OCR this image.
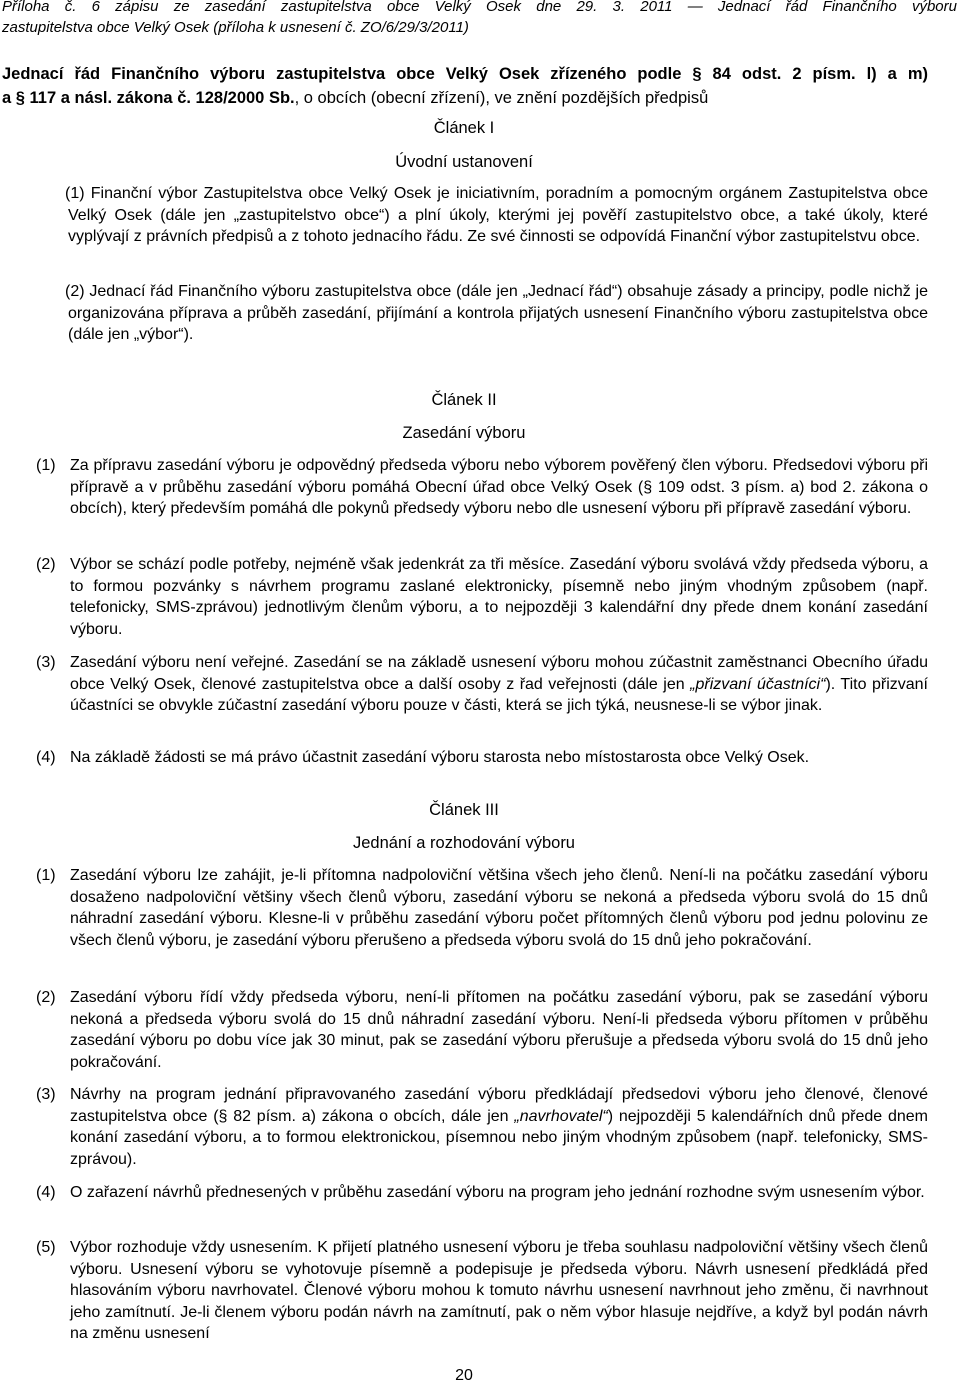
Příloha č. 6 zápisu ze zasedání zastupitelstva obce Velký Osek dne 29. 3. 2011 — Jednací řád Finančního výboru
zastupitelstva obce Velký Osek (příloha k usnesení č. ZO/6/29/3/2011)
Jednací řád Finančního výboru zastupitelstva obce Velký Osek zřízeného podle § 84 odst. 2 písm. l) a m)
a § 117 a násl. zákona č. 128/2000 Sb., o obcích (obecní zřízení), ve znění pozdějších předpisů
Článek I
Úvodní ustanovení
(1) Finanční výbor Zastupitelstva obce Velký Osek je iniciativním, poradním a pomocným orgánem Zastupitelstva obce Velký Osek (dále jen „zastupitelstvo obce“) a plní úkoly, kterými jej pověří zastupitelstvo obce, a také úkoly, které vyplývají z právních předpisů a z tohoto jednacího řádu. Ze své činnosti se odpovídá Finanční výbor zastupitelstvu obce.
(2) Jednací řád Finančního výboru zastupitelstva obce (dále jen „Jednací řád“) obsahuje zásady a principy, podle nichž je organizována příprava a průběh zasedání, přijímání a kontrola přijatých usnesení Finančního výboru zastupitelstva obce (dále jen „výbor“).
Článek II
Zasedání výboru
(1) Za přípravu zasedání výboru je odpovědný předseda výboru nebo výborem pověřený člen výboru. Předsedovi výboru při přípravě a v průběhu zasedání výboru pomáhá Obecní úřad obce Velký Osek (§ 109 odst. 3 písm. a) bod 2. zákona o obcích), který především pomáhá dle pokynů předsedy výboru nebo dle usnesení výboru při přípravě zasedání výboru.
(2) Výbor se schází podle potřeby, nejméně však jedenkrát za tři měsíce. Zasedání výboru svolává vždy předseda výboru, a to formou pozvánky s návrhem programu zaslané elektronicky, písemně nebo jiným vhodným způsobem (např. telefonicky, SMS-zprávou) jednotlivým členům výboru, a to nejpozději 3 kalendářní dny přede dnem konání zasedání výboru.
(3) Zasedání výboru není veřejné. Zasedání se na základě usnesení výboru mohou zúčastnit zaměstnanci Obecního úřadu obce Velký Osek, členové zastupitelstva obce a další osoby z řad veřejnosti (dále jen „přizvaní účastníci“). Tito přizvaní účastníci se obvykle zúčastní zasedání výboru pouze v části, která se jich týká, neusnese-li se výbor jinak.
(4) Na základě žádosti se má právo účastnit zasedání výboru starosta nebo místostarosta obce Velký Osek.
Článek III
Jednání a rozhodování výboru
(1) Zasedání výboru lze zahájit, je-li přítomna nadpoloviční většina všech jeho členů. Není-li na počátku zasedání výboru dosaženo nadpoloviční většiny všech členů výboru, zasedání výboru se nekoná a předseda výboru svolá do 15 dnů náhradní zasedání výboru. Klesne-li v průběhu zasedání výboru počet přítomných členů výboru pod jednu polovinu ze všech členů výboru, je zasedání výboru přerušeno a předseda výboru svolá do 15 dnů jeho pokračování.
(2) Zasedání výboru řídí vždy předseda výboru, není-li přítomen na počátku zasedání výboru, pak se zasedání výboru nekoná a předseda výboru svolá do 15 dnů náhradní zasedání výboru. Není-li předseda výboru přítomen v průběhu zasedání výboru po dobu více jak 30 minut, pak se zasedání výboru přerušuje a předseda výboru svolá do 15 dnů jeho pokračování.
(3) Návrhy na program jednání připravovaného zasedání výboru předkládají předsedovi výboru jeho členové, členové zastupitelstva obce (§ 82 písm. a) zákona o obcích, dále jen „navrhovatel“) nejpozději 5 kalendářních dnů přede dnem konání zasedání výboru, a to formou elektronickou, písemnou nebo jiným vhodným způsobem (např. telefonicky, SMS-zprávou).
(4) O zařazení návrhů přednesených v průběhu zasedání výboru na program jeho jednání rozhodne svým usnesením výbor.
(5) Výbor rozhoduje vždy usnesením. K přijetí platného usnesení výboru je třeba souhlasu nadpoloviční většiny všech členů výboru. Usnesení výboru se vyhotovuje písemně a podepisuje je předseda výboru. Návrh usnesení předkládá před hlasováním výboru navrhovatel. Členové výboru mohou k tomuto návrhu usnesení navrhnout jeho změnu, či navrhnout jeho zamítnutí. Je-li členem výboru podán návrh na zamítnutí, pak o něm výbor hlasuje nejdříve, a když byl podán návrh na změnu usnesení
20
